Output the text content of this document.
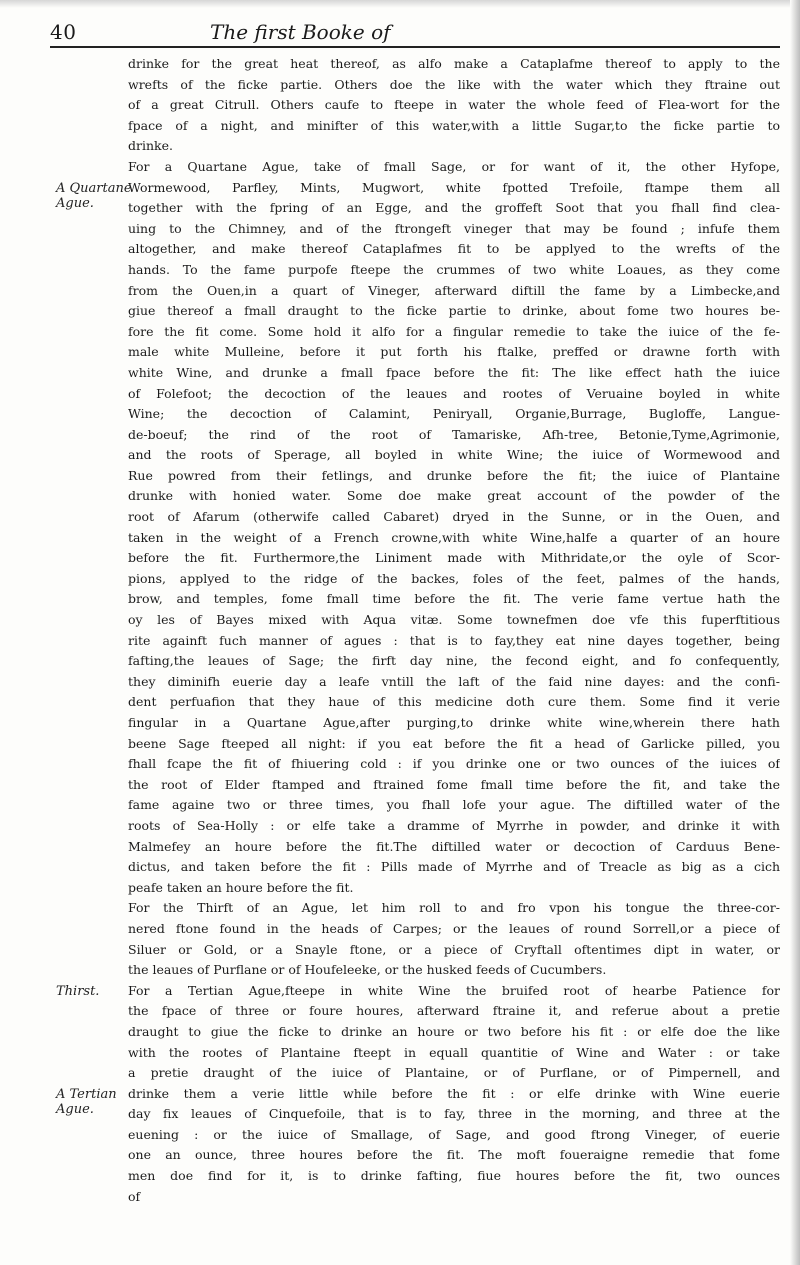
40	The first Booke of
drinke for the great heat thereof, as alfo make a Cataplafme thereof to apply to the
wrefts of the ficke partie. Others doe the like with the water which they ftraine out
of a great Citrull. Others caufe to fteepe in water the whole feed of Flea-wort for the
fpace of a night, and minifter of this water,with a little Sugar,to the ficke partie to
drinke.
For a Quartane Ague, take of fmall Sage, or for want of it, the other Hyfope,
Wormewood, Parfley, Mints, Mugwort, white fpotted Trefoile, ftampe them all
together with the fpring of an Egge, and the groffeft Soot that you fhall find clea-
uing to the Chimney, and of the ftrongeft vineger that may be found ; infufe them
altogether, and make thereof Cataplafmes fit to be applyed to the wrefts of the
hands. To the fame purpofe fteepe the crummes of two white Loaues, as they come
from the Ouen,in a quart of Vineger, afterward diftill the fame by a Limbecke,and
giue thereof a fmall draught to the ficke partie to drinke, about fome two houres be-
fore the fit come. Some hold it alfo for a fingular remedie to take the iuice of the fe-
male white Mulleine, before it put forth his ftalke, preffed or drawne forth with
white Wine, and drunke a fmall fpace before the fit: The like effect hath the iuice
of Folefoot; the decoction of the leaues and rootes of Veruaine boyled in white
Wine; the decoction of Calamint, Peniryall, Organie,Burrage, Bugloffe, Langue-
de-boeuf; the rind of the root of Tamariske, Afh-tree, Betonie,Tyme,Agrimonie,
and the roots of Sperage, all boyled in white Wine; the iuice of Wormewood and
Rue powred from their fetlings, and drunke before the fit; the iuice of Plantaine
drunke with honied water. Some doe make great account of the powder of the
root of Afarum (otherwife called Cabaret) dryed in the Sunne, or in the Ouen, and
taken in the weight of a French crowne,with white Wine,halfe a quarter of an houre
before the fit. Furthermore,the Liniment made with Mithridate,or the oyle of Scor-
pions, applyed to the ridge of the backes, foles of the feet, palmes of the hands,
brow, and temples, fome fmall time before the fit. The verie fame vertue hath the
oy les of Bayes mixed with Aqua vitæ. Some townefmen doe vfe this fuperftitious
rite againft fuch manner of agues : that is to fay,they eat nine dayes together, being
fafting,the leaues of Sage; the firft day nine, the fecond eight, and fo confequently,
they diminifh euerie day a leafe vntill the laft of the faid nine dayes: and the confi-
dent perfuafion that they haue of this medicine doth cure them. Some find it verie
fingular in a Quartane Ague,after purging,to drinke white wine,wherein there hath
beene Sage fteeped all night: if you eat before the fit a head of Garlicke pilled, you
fhall fcape the fit of fhiuering cold : if you drinke one or two ounces of the iuices of
the root of Elder ftamped and ftrained fome fmall time before the fit, and take the
fame againe two or three times, you fhall lofe your ague. The diftilled water of the
roots of Sea-Holly : or elfe take a dramme of Myrrhe in powder, and drinke it with
Malmefey an houre before the fit.The diftilled water or decoction of Carduus Bene-
dictus, and taken before the fit : Pills made of Myrrhe and of Treacle as big as a cich
peafe taken an houre before the fit.
For the Thirft of an Ague, let him roll to and fro vpon his tongue the three-cor-
nered ftone found in the heads of Carpes; or the leaues of round Sorrell,or a piece of
Siluer or Gold, or a Snayle ftone, or a piece of Cryftall oftentimes dipt in water, or
the leaues of Purflane or of Houfeleeke, or the husked feeds of Cucumbers.
For a Tertian Ague,fteepe in white Wine the bruifed root of hearbe Patience for
the fpace of three or foure houres, afterward ftraine it, and referue about a pretie
draught to giue the ficke to drinke an houre or two before his fit : or elfe doe the like
with the rootes of Plantaine fteept in equall quantitie of Wine and Water : or take
a pretie draught of the iuice of Plantaine, or of Purflane, or of Pimpernell, and
drinke them a verie little while before the fit : or elfe drinke with Wine euerie
day fix leaues of Cinquefoile, that is to fay, three in the morning, and three at the
euening : or the iuice of Smallage, of Sage, and good ftrong Vineger, of euerie
one an ounce, three houres before the fit. The moft foueraigne remedie that fome
men doe find for it, is to drinke fafting, fiue houres before the fit, two ounces
of
A Quartane
Ague.
Thirst.
A Tertian
Ague.
